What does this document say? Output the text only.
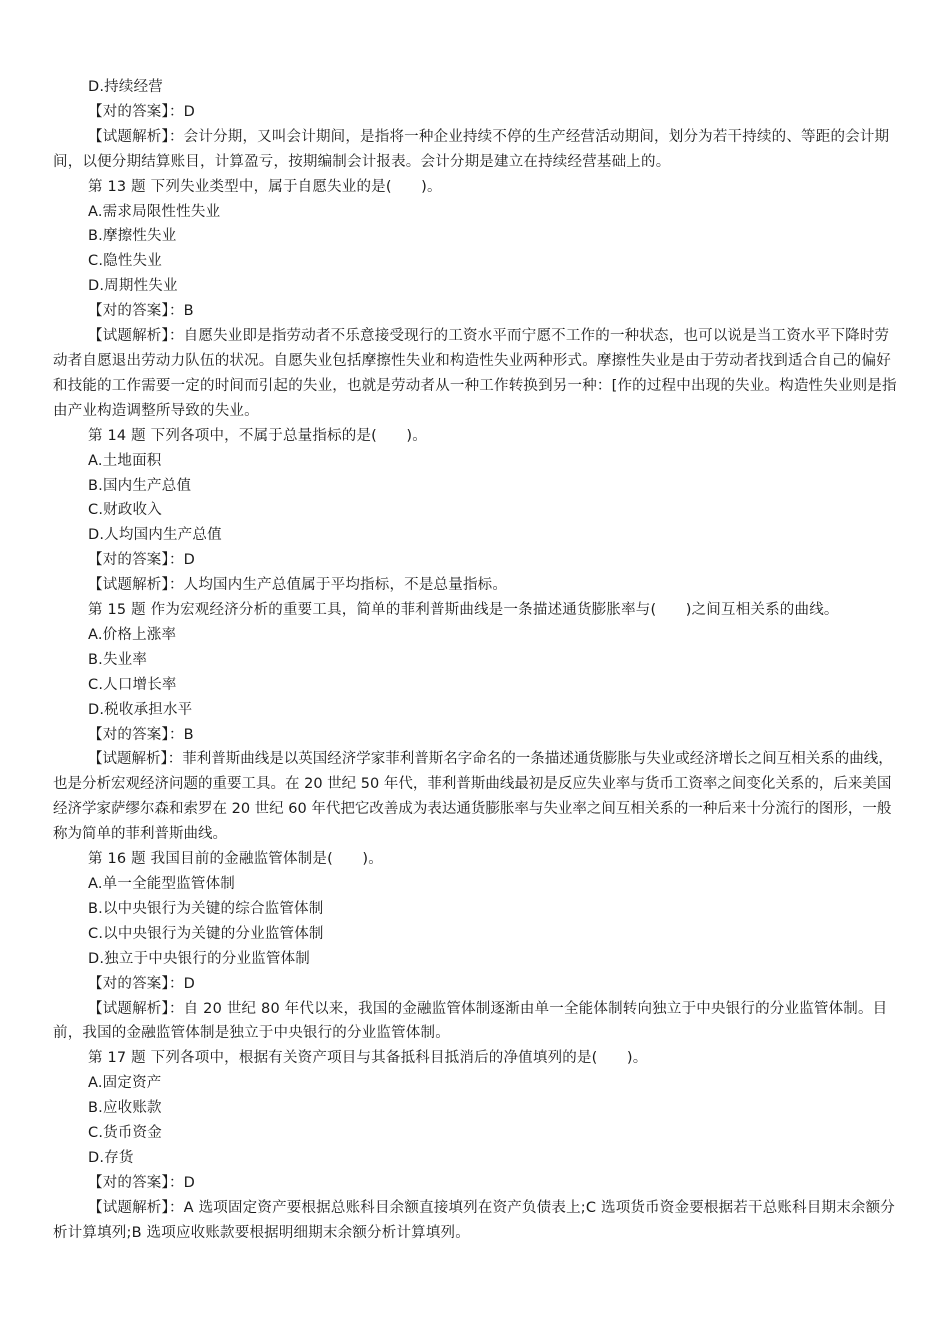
D.持续经营

【对的答案】：D

【试题解析】：会计分期，又叫会计期间，是指将一种企业持续不停的生产经营活动期间，划分为若干持续的、等距的会计期间，以便分期结算账目，计算盈亏，按期编制会计报表。会计分期是建立在持续经营基础上的。

第 13 题 下列失业类型中，属于自愿失业的是(　　)。

A.需求局限性性失业

B.摩擦性失业

C.隐性失业

D.周期性失业

【对的答案】：B

【试题解析】：自愿失业即是指劳动者不乐意接受现行的工资水平而宁愿不工作的一种状态，也可以说是当工资水平下降时劳动者自愿退出劳动力队伍的状况。自愿失业包括摩擦性失业和构造性失业两种形式。摩擦性失业是由于劳动者找到适合自己的偏好和技能的工作需要一定的时间而引起的失业，也就是劳动者从一种工作转换到另一种：[作的过程中出现的失业。构造性失业则是指由产业构造调整所导致的失业。

第 14 题 下列各项中，不属于总量指标的是(　　)。

A.土地面积

B.国内生产总值

C.财政收入

D.人均国内生产总值

【对的答案】：D

【试题解析】：人均国内生产总值属于平均指标，不是总量指标。

第 15 题 作为宏观经济分析的重要工具，简单的菲利普斯曲线是一条描述通货膨胀率与(　　)之间互相关系的曲线。

A.价格上涨率

B.失业率

C.人口增长率

D.税收承担水平

【对的答案】：B

【试题解析】：菲利普斯曲线是以英国经济学家菲利普斯名字命名的一条描述通货膨胀与失业或经济增长之间互相关系的曲线，也是分析宏观经济问题的重要工具。在 20 世纪 50 年代，菲利普斯曲线最初是反应失业率与货币工资率之间变化关系的，后来美国经济学家萨缪尔森和索罗在 20 世纪 60 年代把它改善成为表达通货膨胀率与失业率之间互相关系的一种后来十分流行的图形，一般称为简单的菲利普斯曲线。

第 16 题 我国目前的金融监管体制是(　　)。

A.单一全能型监管体制

B.以中央银行为关键的综合监管体制

C.以中央银行为关键的分业监管体制

D.独立于中央银行的分业监管体制

【对的答案】：D

【试题解析】：自 20 世纪 80 年代以来，我国的金融监管体制逐渐由单一全能体制转向独立于中央银行的分业监管体制。目前，我国的金融监管体制是独立于中央银行的分业监管体制。

第 17 题 下列各项中，根据有关资产项目与其备抵科目抵消后的净值填列的是(　　)。

A.固定资产

B.应收账款

C.货币资金

D.存货

【对的答案】：D

【试题解析】：A 选项固定资产要根据总账科目余额直接填列在资产负债表上;C 选项货币资金要根据若干总账科目期末余额分析计算填列;B 选项应收账款要根据明细期末余额分析计算填列。
